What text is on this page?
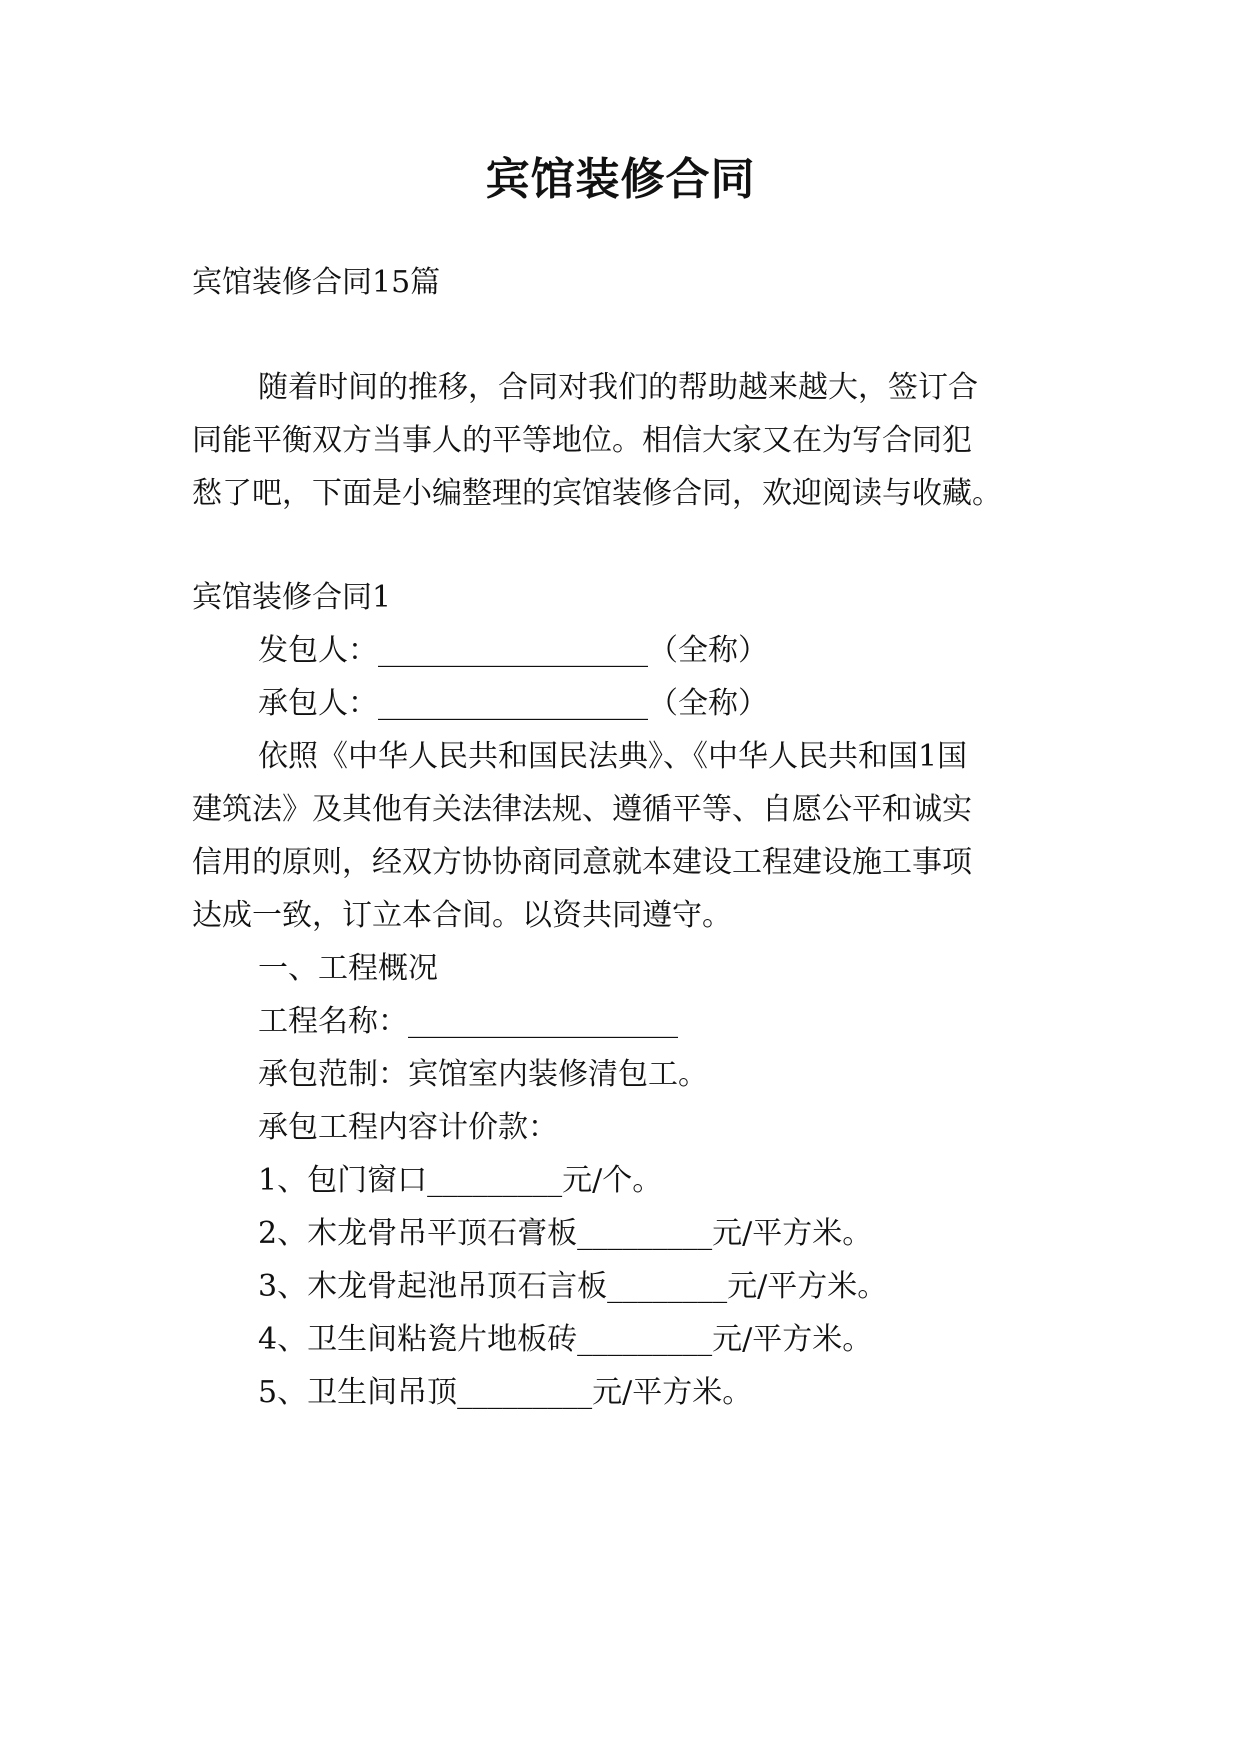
宾馆装修合同

宾馆装修合同15篇

随着时间的推移，合同对我们的帮助越来越大，签订合

同能平衡双方当事人的平等地位。相信大家又在为写合同犯

愁了吧，下面是小编整理的宾馆装修合同，欢迎阅读与收藏。

宾馆装修合同1

发包人：__________________（全称）

承包人：__________________（全称）

依照《中华人民共和国民法典》、《中华人民共和国1国

建筑法》及其他有关法律法规、遵循平等、自愿公平和诚实

信用的原则，经双方协协商同意就本建设工程建设施工事项

达成一致，订立本合间。以资共同遵守。

一、工程概况

工程名称：__________________

承包范制：宾馆室内装修清包工。

承包工程内容计价款：

1、包门窗口_________元/个。

2、木龙骨吊平顶石膏板_________元/平方米。

3、木龙骨起池吊顶石言板________元/平方米。

4、卫生间粘瓷片地板砖_________元/平方米。

5、卫生间吊顶_________元/平方米。
